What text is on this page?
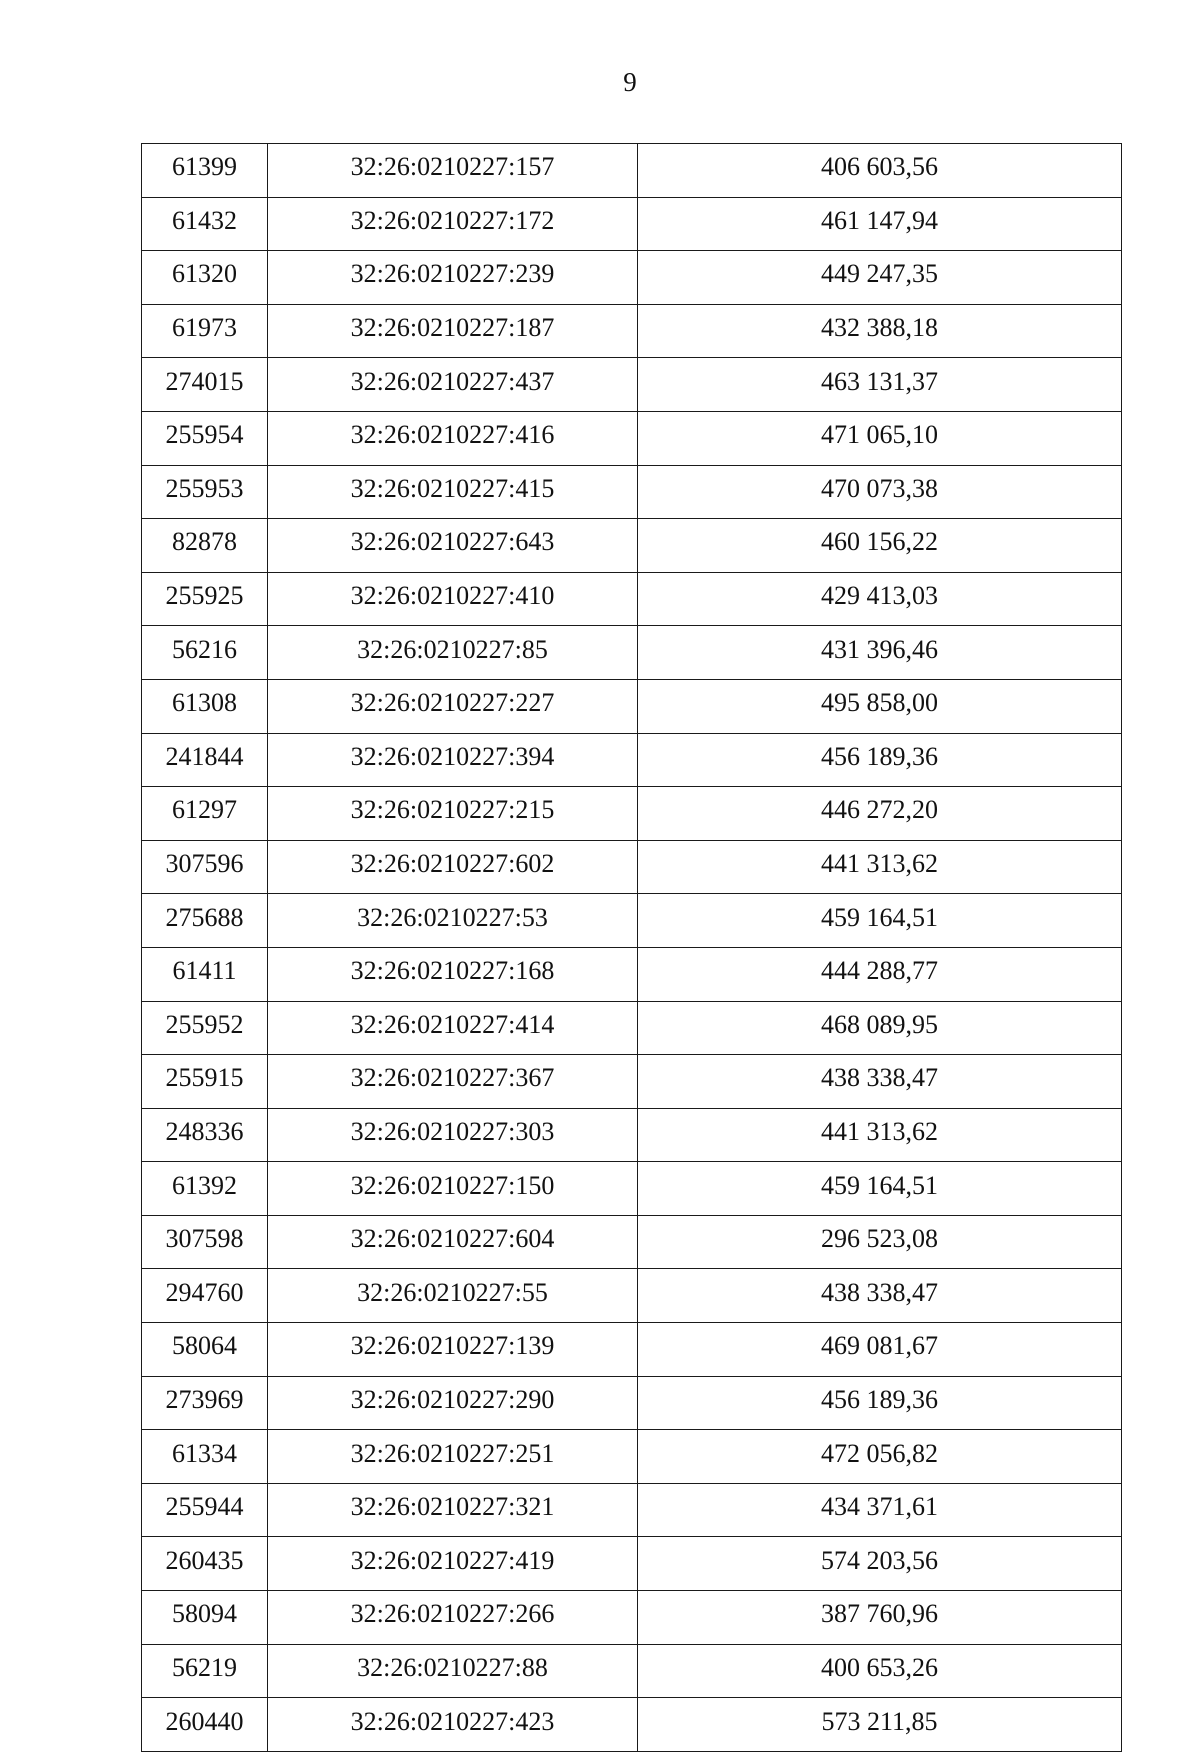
9
61399	32:26:0210227:157	406 603,56
61432	32:26:0210227:172	461 147,94
61320	32:26:0210227:239	449 247,35
61973	32:26:0210227:187	432 388,18
274015	32:26:0210227:437	463 131,37
255954	32:26:0210227:416	471 065,10
255953	32:26:0210227:415	470 073,38
82878	32:26:0210227:643	460 156,22
255925	32:26:0210227:410	429 413,03
56216	32:26:0210227:85	431 396,46
61308	32:26:0210227:227	495 858,00
241844	32:26:0210227:394	456 189,36
61297	32:26:0210227:215	446 272,20
307596	32:26:0210227:602	441 313,62
275688	32:26:0210227:53	459 164,51
61411	32:26:0210227:168	444 288,77
255952	32:26:0210227:414	468 089,95
255915	32:26:0210227:367	438 338,47
248336	32:26:0210227:303	441 313,62
61392	32:26:0210227:150	459 164,51
307598	32:26:0210227:604	296 523,08
294760	32:26:0210227:55	438 338,47
58064	32:26:0210227:139	469 081,67
273969	32:26:0210227:290	456 189,36
61334	32:26:0210227:251	472 056,82
255944	32:26:0210227:321	434 371,61
260435	32:26:0210227:419	574 203,56
58094	32:26:0210227:266	387 760,96
56219	32:26:0210227:88	400 653,26
260440	32:26:0210227:423	573 211,85
